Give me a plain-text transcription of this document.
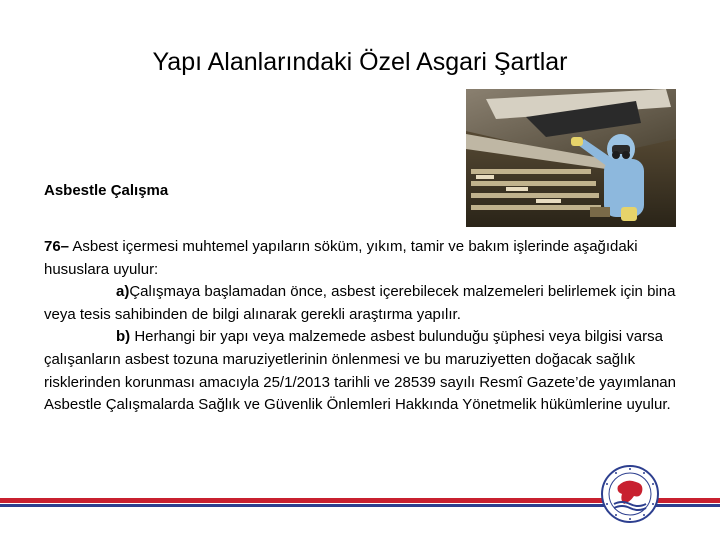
Yapı Alanlarındaki Özel Asgari Şartlar
Asbestle Çalışma

76– Asbest içermesi muhtemel yapıların söküm, yıkım, tamir ve bakım işlerinde aşağıdaki hususlara uyulur:

a)Çalışmaya başlamadan önce, asbest içerebilecek malzemeleri belirlemek için bina veya tesis sahibinden de bilgi alınarak gerekli araştırma yapılır.

b) Herhangi bir yapı veya malzemede asbest bulunduğu şüphesi veya bilgisi varsa çalışanların asbest tozuna maruziyetlerinin önlenmesi ve bu maruziyetten doğacak sağlık risklerinden korunması amacıyla 25/1/2013 tarihli ve 28539 sayılı Resmî Gazete’de yayımlanan Asbestle Çalışmalarda Sağlık ve Güvenlik Önlemleri Hakkında Yönetmelik hükümlerine uyulur.
